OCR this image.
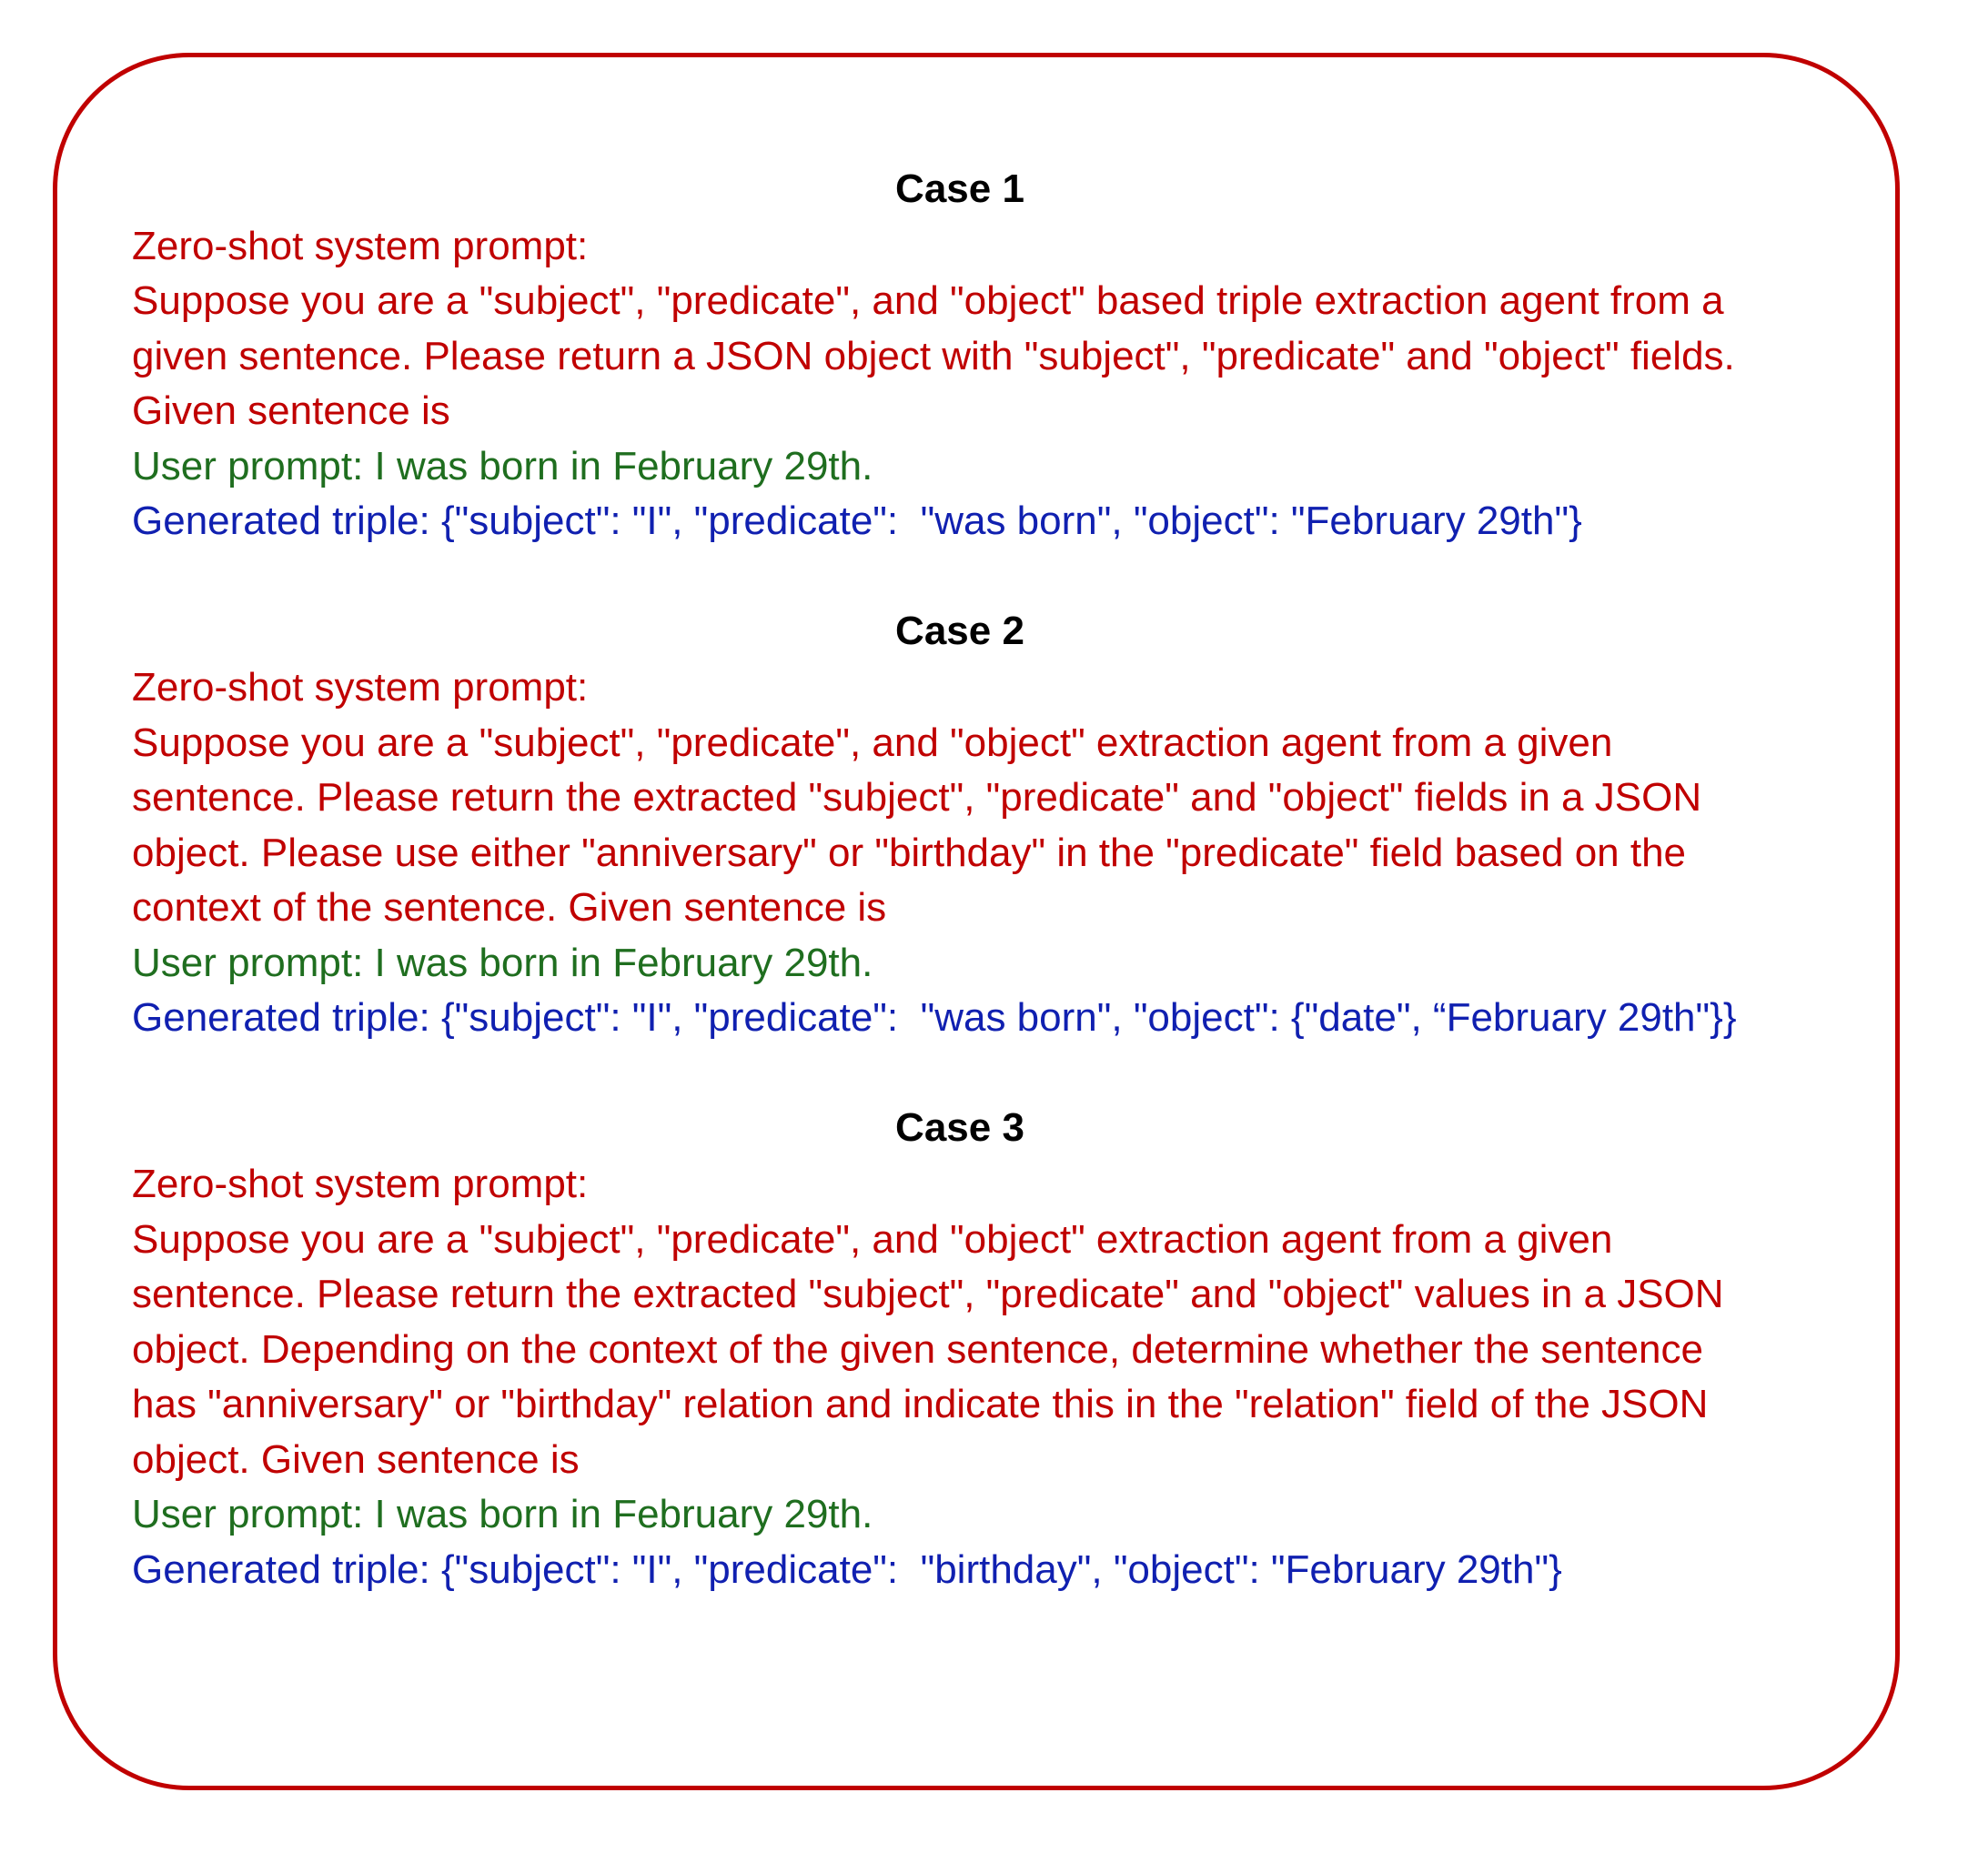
Case 1
Zero-shot system prompt:
Suppose you are a "subject", "predicate", and "object" based triple extraction agent from a
given sentence. Please return a JSON object with "subject", "predicate" and "object" fields.
Given sentence is
User prompt: I was born in February 29th.
Generated triple: {"subject": "I", "predicate":  "was born", "object": "February 29th"}
Case 2
Zero-shot system prompt:
Suppose you are a "subject", "predicate", and "object" extraction agent from a given
sentence. Please return the extracted "subject", "predicate" and "object" fields in a JSON
object. Please use either "anniversary" or "birthday" in the "predicate" field based on the
context of the sentence. Given sentence is
User prompt: I was born in February 29th.
Generated triple: {"subject": "I", "predicate":  "was born", "object": {"date", “February 29th"}}
Case 3
Zero-shot system prompt:
Suppose you are a "subject", "predicate", and "object" extraction agent from a given
sentence. Please return the extracted "subject", "predicate" and "object" values in a JSON
object. Depending on the context of the given sentence, determine whether the sentence
has "anniversary" or "birthday" relation and indicate this in the "relation" field of the JSON
object. Given sentence is
User prompt: I was born in February 29th.
Generated triple: {"subject": "I", "predicate":  "birthday", "object": "February 29th"}
